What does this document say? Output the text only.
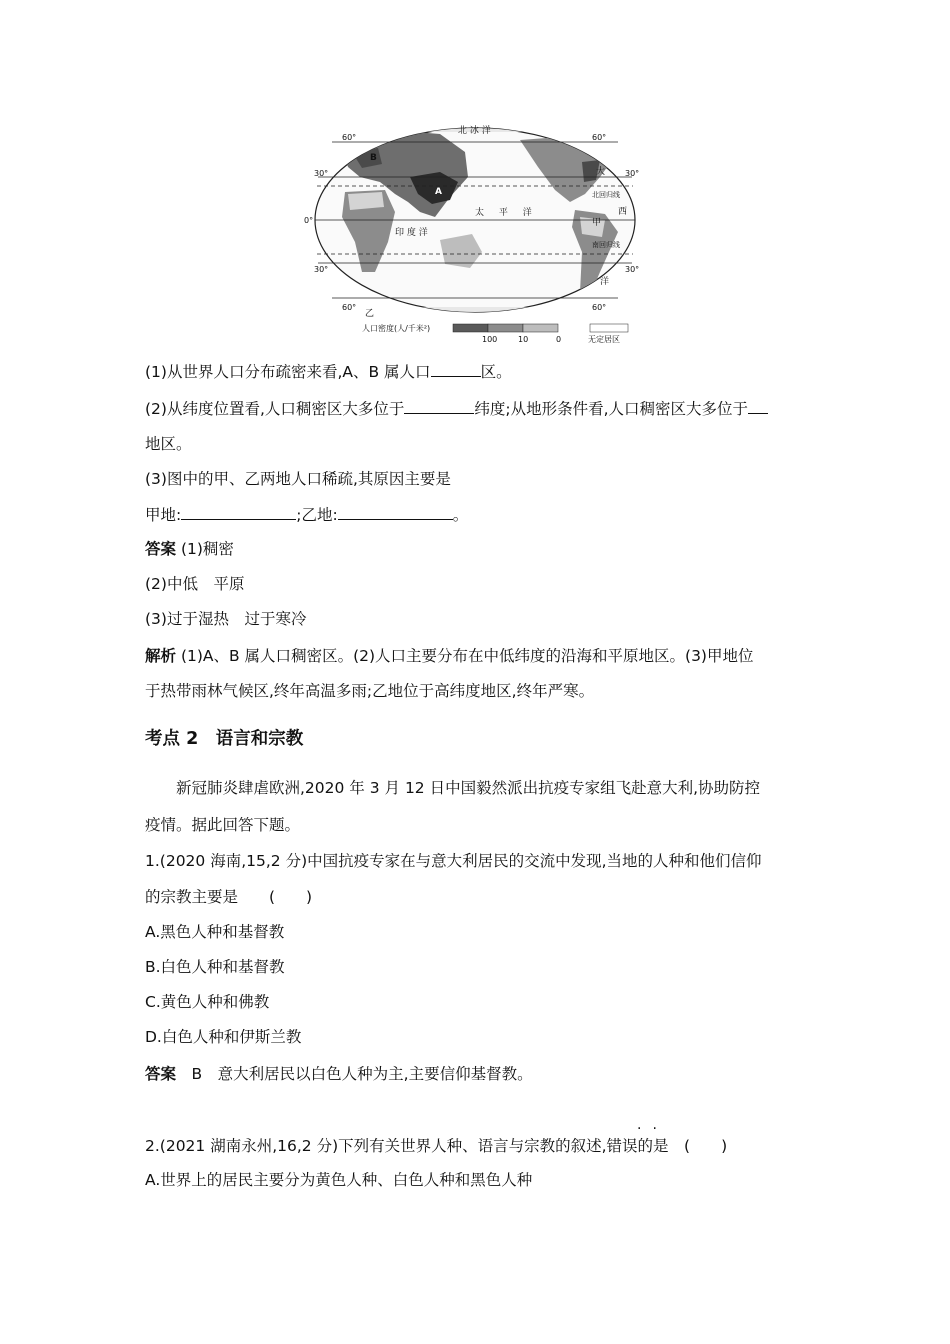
60°	60°
30°	30°
0°
30°	30°
60°	60°
北 冰 洋
太 平 洋
印 度 洋
大
西
洋
北回归线
南回归线
A
B
甲
乙
人口密度(人/千米²)
100	10	0	无定居区
(1)从世界人口分布疏密来看,A、B 属人口	区。
(2)从纬度位置看,人口稠密区大多位于	纬度;从地形条件看,人口稠密区大多位于
地区。
(3)图中的甲、乙两地人口稀疏,其原因主要是
甲地:	;乙地:	。
答案 (1)稠密
(2)中低　平原
(3)过于湿热　过于寒冷
解析 (1)A、B 属人口稠密区。(2)人口主要分布在中低纬度的沿海和平原地区。(3)甲地位
于热带雨林气候区,终年高温多雨;乙地位于高纬度地区,终年严寒。
考点 2　语言和宗教
新冠肺炎肆虐欧洲,2020 年 3 月 12 日中国毅然派出抗疫专家组飞赴意大利,协助防控
疫情。据此回答下题。
1.(2020 海南,15,2 分)中国抗疫专家在与意大利居民的交流中发现,当地的人种和他们信仰
的宗教主要是　　(　　)
A.黑色人种和基督教
B.白色人种和基督教
C.黄色人种和佛教
D.白色人种和伊斯兰教
答案　B　意大利居民以白色人种为主,主要信仰基督教。
··
2.(2021 湖南永州,16,2 分)下列有关世界人种、语言与宗教的叙述,错误的是　(　　)
A.世界上的居民主要分为黄色人种、白色人种和黑色人种
